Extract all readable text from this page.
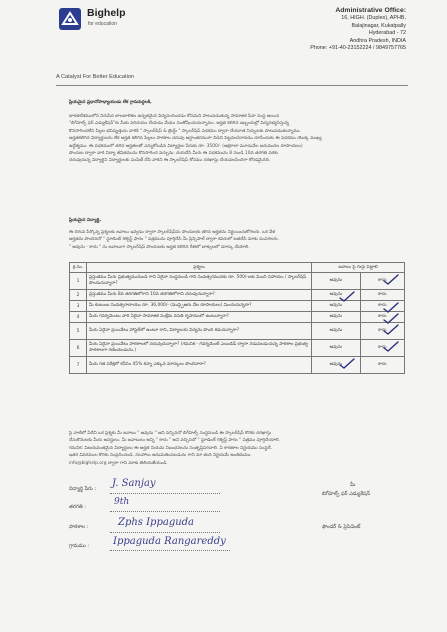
Bighelp
for education
A Catalyst For Better Education
Administrative Office:
16, HIGH. (Duplex), APHB,
Balajinagar, Kukatpally
Hyderabad - 72
Andhra Pradesh, INDIA
Phone: +91-40-23152224 / 9849757765
ప్రియమైన ప్రధానోపాధ్యాయుడు లేక గ్రామపెద్దలకి,
భారతదేశములోని నిరుపేద బాలబాలికల ఉన్నతమైన విద్యనందించడం కోసమని పాటుపడుతున్న సామాజిక సేవా సంస్థ అయిన
"బిగ్‌హెల్ప్ ఫర్ ఎడ్యుకేషన్"కు మీకు పరిచయం చేయడం మేము సంతోషించుచున్నాము. అర్హత కలిగిన ఇబ్బందుల్లో విద్యనభ్యసిస్తున్న
కొనసాగించలేని పిల్లల భవిష్యత్తును వారికి " స్కాలర్‌షిప్ & ట్రెయ్డ్ " స్కాలర్‌షిప్ పధకము ద్వారా చేయూత నిచ్చుటకు పాటుపడుతున్నాము.
అర్హతకలిగిన విద్యార్థులను లేక అర్హత కలిగిన పిల్లలు పాఠశాల చదువు అర్థాంతరముగా విడిచి పెట్టవలసిరావడం చూసేందుకు ఈ పధకము యొక్క ముఖ్య
ఉద్దేశ్యము. ఈ పధకములో తగిన అర్హతలతో ఎన్నుకోబడిన విద్యార్థుల పేరుకు రూ. 3500/- (అక్షరాలా మూడువేల ఐదువందల రూపాయలు)
పొందుట ద్వారా వారి విద్యా జీవితమును కొనసాగించ వచ్చును. దయచేసి మీరు ఈ పధకమును 8 నుండి 10వ తరగతి వరకు
చదువుచున్న విద్యార్థిని విద్యార్థులకు పంపిణీ చేసి వారిని ఈ స్కాలర్‌షిప్ కోసము దరఖాస్తు చేయవలసిందిగా కోరడమైనది.
ప్రియమైన విద్యార్థి,
ఈ దిగువ పేర్కొన్న ప్రశ్నలకు జవాబు ఇవ్వడం ద్వారా స్కాలర్‌షిప్‌ను పొందుటకు తగిన అర్హతను నిర్ణయించుకోగలరు. ఒక వేళ
అర్హతను పొందినచో " స్టూడెంట్ రిక్వెస్ట్ ఫారం " పత్రమును పూర్తిచేసి మీ ప్రిన్సిపాల్ ద్వారా కవరులో జతచేసి మాకు పంపగలరు.
" అవును - కాదు " ను జవాబుగా స్కాలర్‌షిప్ పొందుటకు అర్హత కలిగిన రీతిలో బాక్సులలో మార్కు చేయాలి.
క్ర.సం.	ప్రశ్నలు	జవాబు పై గుర్తు పెట్టాలి	
1	ప్రస్తుతము మీరు ప్రభుత్వమునుండి గాని ఏదైనా సంస్థనుండి గాని సంవత్సరమునకు రూ. 500/-లకు మించి సహాయం / స్కాలర్‌షిప్ పొందుచున్నారా?	అవును	కాదు

2	ప్రస్తుతము మీరు 8వ తరగతిలోగాని 10వ తరగతిలోగాని చదువుచున్నారా?	అవును	కాదు
3	మీ కుటుంబ సంవత్సరాదాయం రూ. 36,000/- (ముప్పైఆరు వేల రూపాయలు) మించుచున్నదా?	అవును	కాదు

4	మీరు గవర్నమెంటు వారి ఏదైనా సామాజిక సంక్షేమ వసతి గృహములో ఉంటున్నారా?	అవును	కాదు

5	మీరు ఏదైనా ప్రయివేటు హాస్టల్‌లో ఉంటూ గాని, విద్యాలయ విద్యను పొంది కడుచున్నారా?	అవును	కాదు

6	మీరు ఏదైనా ప్రయివేటు పాఠశాలలో చదువుచున్నారా? (గమనిక - గవర్నమెంట్ ఎయిడెడ్ ద్వారా నడుపబడుచున్న పాఠశాల ప్రభుత్వ పాఠశాలగా గణించబడును.)	అవును	కాదు

7	మీరు గత పరీక్షలో కనీసం 45% కన్నా ఎక్కువ మార్కులు పొందినారా?	అవును	కాదు
పై వాటిలో ఏదేని ఒక ప్రశ్నకు మీ జవాబు " అవును " అని వచ్చినచో బిగ్‌హెల్ప్ సంస్థనుండి ఈ స్కాలర్‌షిప్ కొరకు దరఖాస్తు
చేసుకొనుటకు మీరు అనర్హులు. మీ జవాబులు అన్ని " కాదు " అని వచ్చినచో " స్టూడెంట్ రిక్వెస్ట్ ఫారం " పత్రము పూర్తిచేయాలి.
గమనిక: విజయవంతమైన విద్యార్థులు ఈ అర్హత నియమ నిబంధనలను సంతృప్తిపరచాలి. ఏ కారణాల నిర్ణయము సంస్థదే.
ఇతర వివరముల కొరకు సంప్రదించండి. సలహాలు అనుమతింపబడును గాని మా తుది నిర్ణయమే అంతిమము.
info@bighelp.org ద్వారా గాని మాకు తెలియజేయండి.
విద్యార్థి పేరు : J. Sanjay
తరగతి :	9th
పాఠశాల :	Zphs Ippaguda
గ్రామము : Ippaguda Rangareddy
మీ
బిగ్‌హెల్ప్ ఫర్ ఎడ్యుకేషన్
ఫౌండర్ & ప్రెసిడెంట్
